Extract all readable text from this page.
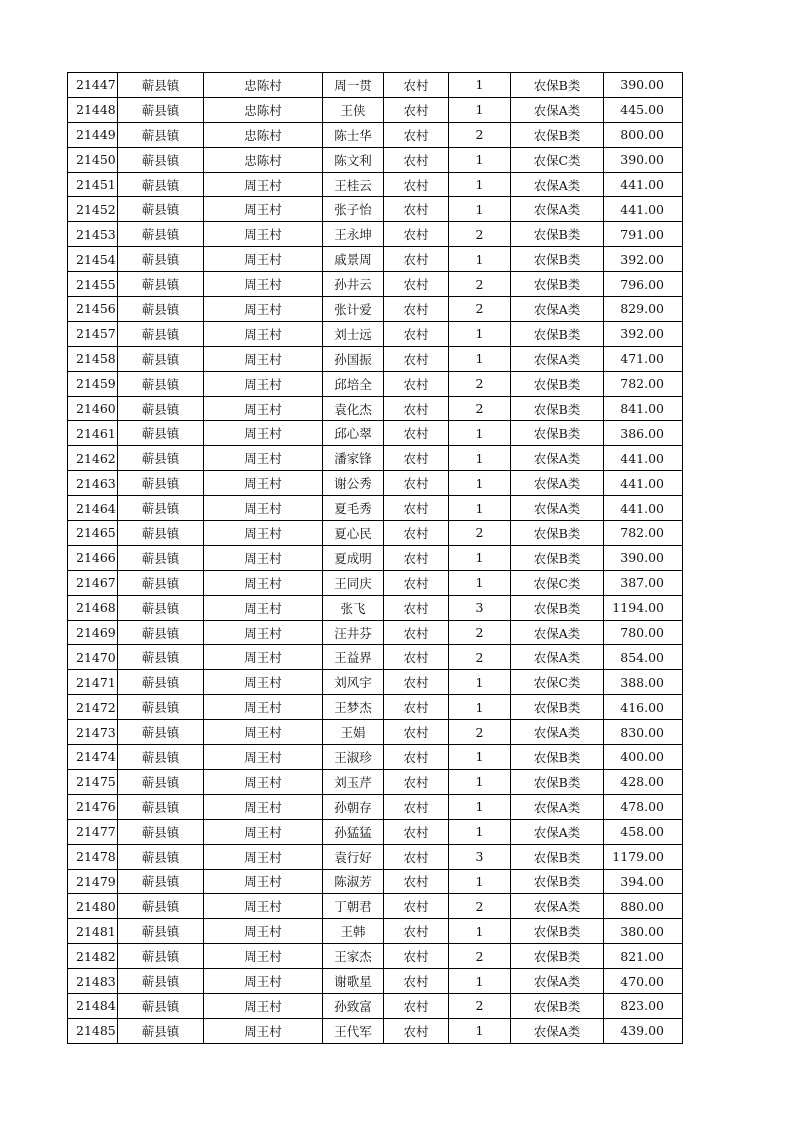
21447	蕲县镇	忠陈村	周一贯	农村	1	农保B类	390.00
21448	蕲县镇	忠陈村	王侠	农村	1	农保A类	445.00
21449	蕲县镇	忠陈村	陈士华	农村	2	农保B类	800.00
21450	蕲县镇	忠陈村	陈文利	农村	1	农保C类	390.00
21451	蕲县镇	周王村	王桂云	农村	1	农保A类	441.00
21452	蕲县镇	周王村	张子怡	农村	1	农保A类	441.00
21453	蕲县镇	周王村	王永坤	农村	2	农保B类	791.00
21454	蕲县镇	周王村	戚景周	农村	1	农保B类	392.00
21455	蕲县镇	周王村	孙井云	农村	2	农保B类	796.00
21456	蕲县镇	周王村	张计爱	农村	2	农保A类	829.00
21457	蕲县镇	周王村	刘士远	农村	1	农保B类	392.00
21458	蕲县镇	周王村	孙国振	农村	1	农保A类	471.00
21459	蕲县镇	周王村	邱培全	农村	2	农保B类	782.00
21460	蕲县镇	周王村	袁化杰	农村	2	农保B类	841.00
21461	蕲县镇	周王村	邱心翠	农村	1	农保B类	386.00
21462	蕲县镇	周王村	潘家锋	农村	1	农保A类	441.00
21463	蕲县镇	周王村	谢公秀	农村	1	农保A类	441.00
21464	蕲县镇	周王村	夏毛秀	农村	1	农保A类	441.00
21465	蕲县镇	周王村	夏心民	农村	2	农保B类	782.00
21466	蕲县镇	周王村	夏成明	农村	1	农保B类	390.00
21467	蕲县镇	周王村	王同庆	农村	1	农保C类	387.00
21468	蕲县镇	周王村	张飞	农村	3	农保B类	1194.00
21469	蕲县镇	周王村	汪井芬	农村	2	农保A类	780.00
21470	蕲县镇	周王村	王益界	农村	2	农保A类	854.00
21471	蕲县镇	周王村	刘风宇	农村	1	农保C类	388.00
21472	蕲县镇	周王村	王梦杰	农村	1	农保B类	416.00
21473	蕲县镇	周王村	王娟	农村	2	农保A类	830.00
21474	蕲县镇	周王村	王淑珍	农村	1	农保B类	400.00
21475	蕲县镇	周王村	刘玉芹	农村	1	农保B类	428.00
21476	蕲县镇	周王村	孙朝存	农村	1	农保A类	478.00
21477	蕲县镇	周王村	孙猛猛	农村	1	农保A类	458.00
21478	蕲县镇	周王村	袁行好	农村	3	农保B类	1179.00
21479	蕲县镇	周王村	陈淑芳	农村	1	农保B类	394.00
21480	蕲县镇	周王村	丁朝君	农村	2	农保A类	880.00
21481	蕲县镇	周王村	王韩	农村	1	农保B类	380.00
21482	蕲县镇	周王村	王家杰	农村	2	农保B类	821.00
21483	蕲县镇	周王村	谢歌星	农村	1	农保A类	470.00
21484	蕲县镇	周王村	孙致富	农村	2	农保B类	823.00
21485	蕲县镇	周王村	王代军	农村	1	农保A类	439.00
